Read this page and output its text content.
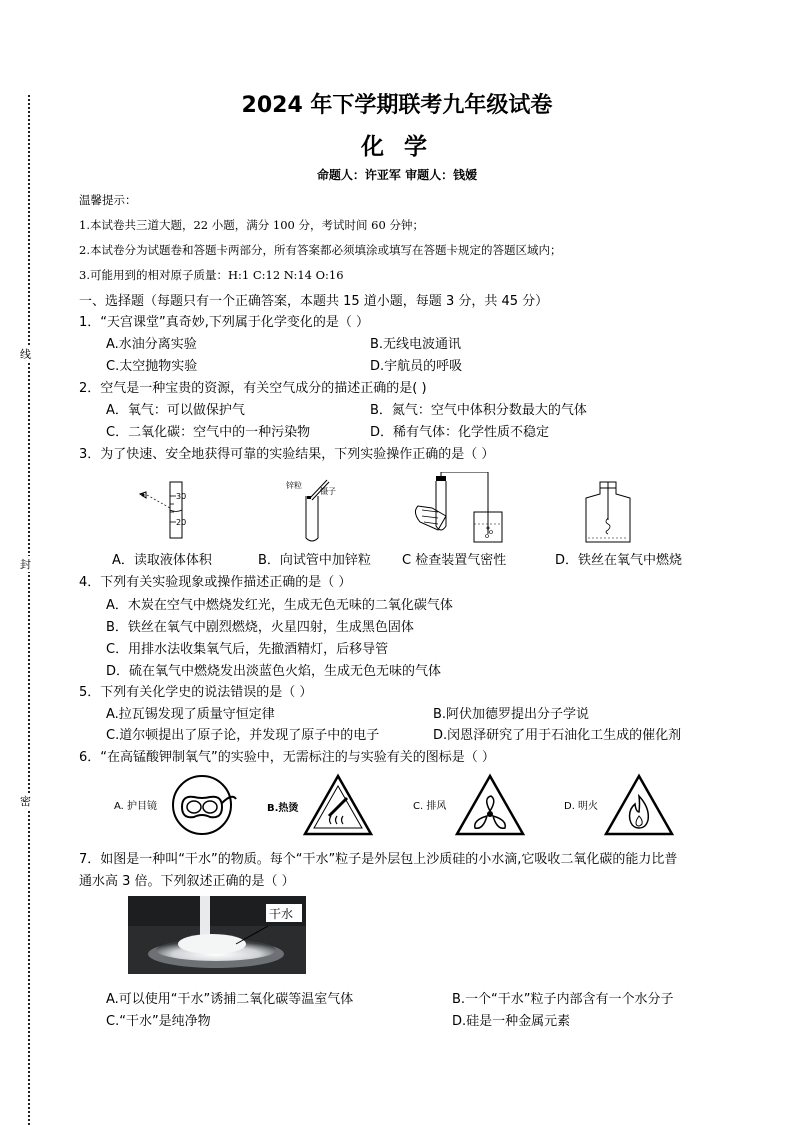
线
封
密
2024 年下学期联考九年级试卷
化 学
命题人：许亚军 审题人：钱嫒
温馨提示：
1.本试卷共三道大题，22 小题，满分 100 分，考试时间 60 分钟；
2.本试卷分为试题卷和答题卡两部分，所有答案都必须填涂或填写在答题卡规定的答题区域内；
3.可能用到的相对原子质量：H:1 C:12 N:14 O:16
一、选择题（每题只有一个正确答案，本题共 15 道小题，每题 3 分，共 45 分）
1．“天宫课堂”真奇妙,下列属于化学变化的是（ ）
A.水油分离实验	B.无线电波通讯
C.太空抛物实验	D.宇航员的呼吸
2．空气是一种宝贵的资源，有关空气成分的描述正确的是( )
A．氧气：可以做保护气	B．氮气：空气中体积分数最大的气体
C．二氧化碳：空气中的一种污染物	D．稀有气体：化学性质不稳定
3．为了快速、安全地获得可靠的实验结果，下列实验操作正确的是（ ）
30
20
锌粒
镊子
A．读取液体体积	B．向试管中加锌粒 C 检查装置气密性	D．铁丝在氧气中燃烧
4．下列有关实验现象或操作描述正确的是（ ）
A．木炭在空气中燃烧发红光，生成无色无味的二氧化碳气体
B．铁丝在氧气中剧烈燃烧，火星四射，生成黑色固体
C．用排水法收集氧气后，先撤酒精灯，后移导管
D．硫在氧气中燃烧发出淡蓝色火焰，生成无色无味的气体
5．下列有关化学史的说法错误的是（ ）
A.拉瓦锡发现了质量守恒定律	B.阿伏加德罗提出分子学说
C.道尔顿提出了原子论，并发现了原子中的电子	D.闵恩泽研究了用于石油化工生成的催化剂
6．“在高锰酸钾制氧气”的实验中，无需标注的与实验有关的图标是（ ）
A. 护目镜	B.热烫	C. 排风	D. 明火
7．如图是一种叫“干水”的物质。每个“干水”粒子是外层包上沙质硅的小水滴,它吸收二氧化碳的能力比普
通水高 3 倍。下列叙述正确的是（ ）
干水
A.可以使用“干水”诱捕二氧化碳等温室气体	B.一个“干水”粒子内部含有一个水分子
C.“干水”是纯净物	D.硅是一种金属元素
